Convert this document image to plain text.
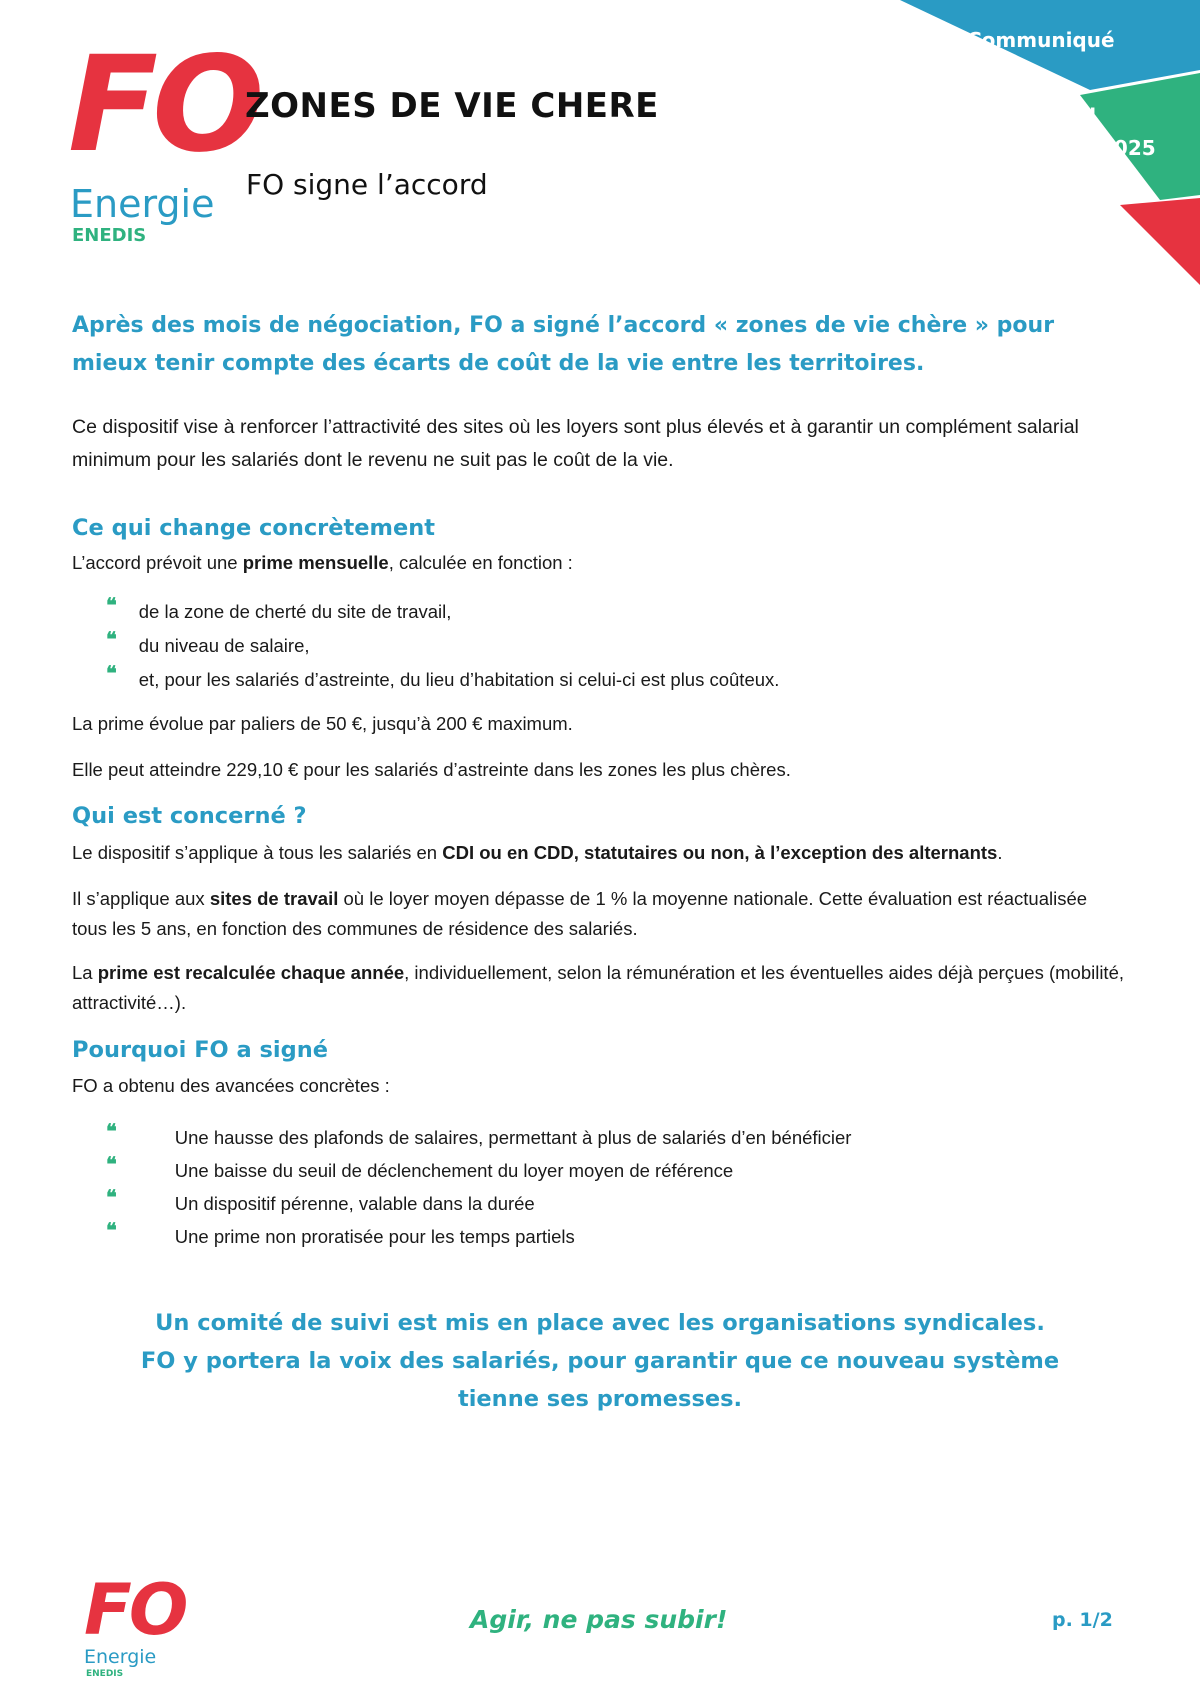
Communiqué
avril
2025
FO
Energie
ENEDIS
ZONES DE VIE CHERE
FO signe l’accord
Après des mois de négociation, FO a signé l’accord « zones de vie chère » pour mieux tenir compte des écarts de coût de la vie entre les territoires.
Ce dispositif vise à renforcer l’attractivité des sites où les loyers sont plus élevés et à garantir un complément salarial minimum pour les salariés dont le revenu ne suit pas le coût de la vie.
Ce qui change concrètement
L’accord prévoit une prime mensuelle, calculée en fonction :
❝ de la zone de cherté du site de travail,
❝ du niveau de salaire,
❝ et, pour les salariés d’astreinte, du lieu d’habitation si celui-ci est plus coûteux.
La prime évolue par paliers de 50 €, jusqu’à 200 € maximum.
Elle peut atteindre 229,10 € pour les salariés d’astreinte dans les zones les plus chères.
Qui est concerné ?
Le dispositif s’applique à tous les salariés en CDI ou en CDD, statutaires ou non, à l’exception des alternants.
Il s’applique aux sites de travail où le loyer moyen dépasse de 1 % la moyenne nationale. Cette évaluation est réactualisée tous les 5 ans, en fonction des communes de résidence des salariés.
La prime est recalculée chaque année, individuellement, selon la rémunération et les éventuelles aides déjà perçues (mobilité, attractivité…).
Pourquoi FO a signé
FO a obtenu des avancées concrètes :
❝	Une hausse des plafonds de salaires, permettant à plus de salariés d’en bénéficier
❝	Une baisse du seuil de déclenchement du loyer moyen de référence
❝	Un dispositif pérenne, valable dans la durée
❝	Une prime non proratisée pour les temps partiels
Un comité de suivi est mis en place avec les organisations syndicales.
FO y portera la voix des salariés, pour garantir que ce nouveau système
tienne ses promesses.
FO
Energie
ENEDIS
Agir, ne pas subir!	p. 1/2
